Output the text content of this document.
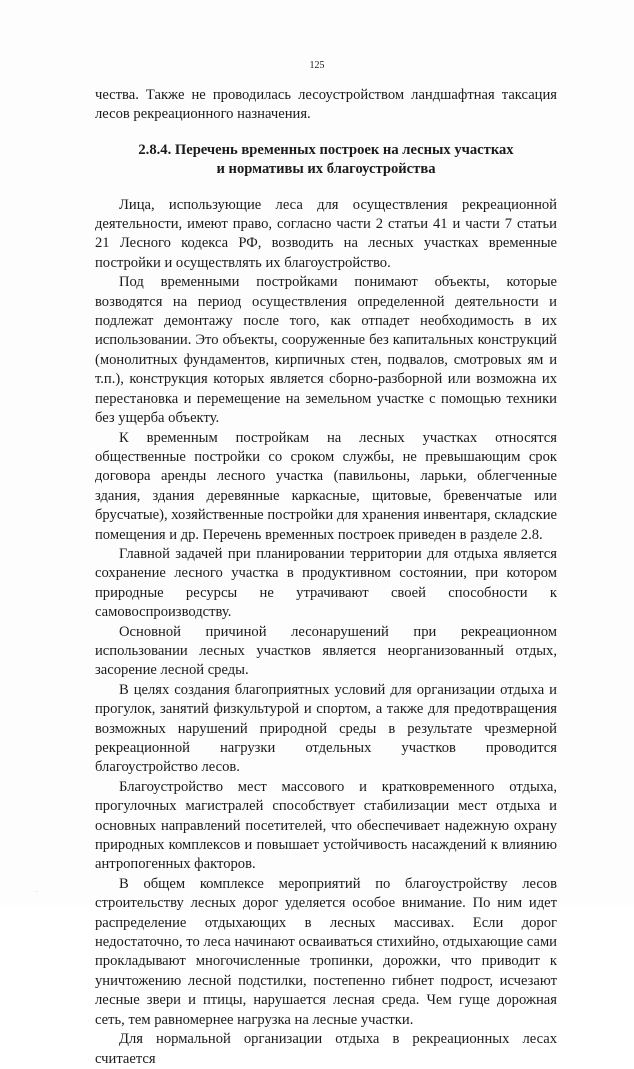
125

чества. Также не проводилась лесоустройством ландшафтная таксация лесов рекреационного назначения.

2.8.4. Перечень временных построек на лесных участках
и нормативы их благоустройства

Лица, использующие леса для осуществления рекреационной деятельности, имеют право, согласно части 2 статьи 41 и части 7 статьи 21 Лесного кодекса РФ, возводить на лесных участках временные постройки и осуществлять их благоустройство.

Под временными постройками понимают объекты, которые возводятся на период осуществления определенной деятельности и подлежат демонтажу после того, как отпадет необходимость в их использовании. Это объекты, сооруженные без капитальных конструкций (монолитных фундаментов, кирпичных стен, подвалов, смотровых ям и т.п.), конструкция которых является сборно-разборной или возможна их перестановка и перемещение на земельном участке с помощью техники без ущерба объекту.

К временным постройкам на лесных участках относятся общественные постройки со сроком службы, не превышающим срок договора аренды лесного участка (павильоны, ларьки, облегченные здания, здания деревянные каркасные, щитовые, бревенчатые или брусчатые), хозяйственные постройки для хранения инвентаря, складские помещения и др. Перечень временных построек приведен в разделе 2.8.

Главной задачей при планировании территории для отдыха является сохранение лесного участка в продуктивном состоянии, при котором природные ресурсы не утрачивают своей способности к самовоспроизводству.

Основной причиной лесонарушений при рекреационном использовании лесных участков является неорганизованный отдых, засорение лесной среды.

В целях создания благоприятных условий для организации отдыха и прогулок, занятий физкультурой и спортом, а также для предотвращения возможных нарушений природной среды в результате чрезмерной рекреационной нагрузки отдельных участков проводится благоустройство лесов.

Благоустройство мест массового и кратковременного отдыха, прогулочных магистралей способствует стабилизации мест отдыха и основных направлений посетителей, что обеспечивает надежную охрану природных комплексов и повышает устойчивость насаждений к влиянию антропогенных факторов.

В общем комплексе мероприятий по благоустройству лесов строительству лесных дорог уделяется особое внимание. По ним идет распределение отдыхающих в лесных массивах. Если дорог недостаточно, то леса начинают осваиваться стихийно, отдыхающие сами прокладывают многочисленные тропинки, дорожки, что приводит к уничтожению лесной подстилки, постепенно гибнет подрост, исчезают лесные звери и птицы, нарушается лесная среда. Чем гуще дорожная сеть, тем равномернее нагрузка на лесные участки.

Для нормальной организации отдыха в рекреационных лесах считается

.
